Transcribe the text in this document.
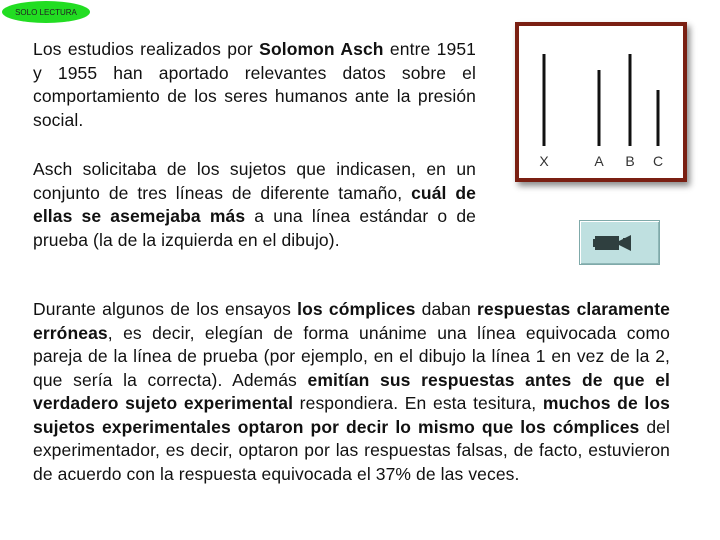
SOLO LECTURA

Los estudios realizados por Solomon Asch entre 1951 y 1955 han aportado relevantes datos sobre el comportamiento de los seres humanos ante la presión social.

Asch solicitaba de los sujetos que indicasen, en un conjunto de tres líneas de diferente tamaño, cuál de ellas se asemejaba más a una línea estándar o de prueba (la de la izquierda en el dibujo).

Durante algunos de los ensayos los cómplices daban respuestas claramente erróneas, es decir, elegían de forma unánime una línea equivocada como pareja de la línea de prueba (por ejemplo, en el dibujo la línea 1 en vez de la 2, que sería la correcta). Además emitían sus respuestas antes de que el verdadero sujeto experimental respondiera. En esta tesitura, muchos de los sujetos experimentales optaron por decir lo mismo que los cómplices del experimentador, es decir, optaron por las respuestas falsas, de facto, estuvieron de acuerdo con la respuesta equivocada el 37% de las veces.

X	A B C
